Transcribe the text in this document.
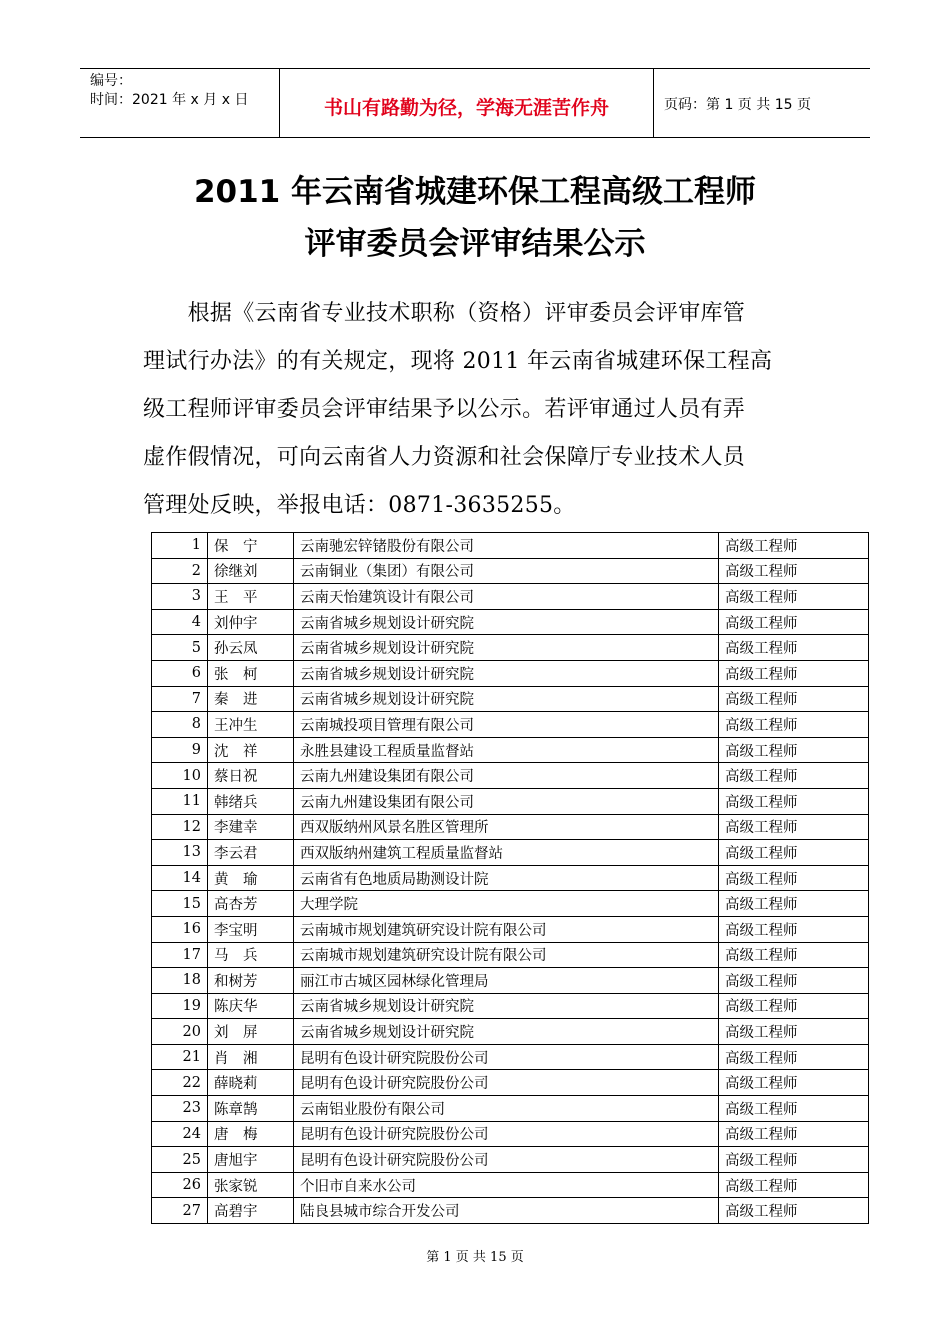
编号：
时间：2021 年 x 月 x 日	书山有路勤为径，学海无涯苦作舟	页码：第 1 页 共 15 页
2011 年云南省城建环保工程高级工程师
评审委员会评审结果公示

　　根据《云南省专业技术职称（资格）评审委员会评审库管

理试行办法》的有关规定，现将 2011 年云南省城建环保工程高

级工程师评审委员会评审结果予以公示。若评审通过人员有弄

虚作假情况，可向云南省人力资源和社会保障厅专业技术人员

管理处反映，举报电话：0871-3635255。

1	保　宁	云南驰宏锌锗股份有限公司	高级工程师
2	徐继刘	云南铜业（集团）有限公司	高级工程师
3	王　平	云南天怡建筑设计有限公司	高级工程师
4	刘仲宇	云南省城乡规划设计研究院	高级工程师
5	孙云凤	云南省城乡规划设计研究院	高级工程师
6	张　柯	云南省城乡规划设计研究院	高级工程师
7	秦　进	云南省城乡规划设计研究院	高级工程师
8	王冲生	云南城投项目管理有限公司	高级工程师
9	沈　祥	永胜县建设工程质量监督站	高级工程师
10	蔡日祝	云南九州建设集团有限公司	高级工程师
11	韩绪兵	云南九州建设集团有限公司	高级工程师
12	李建幸	西双版纳州风景名胜区管理所	高级工程师
13	李云君	西双版纳州建筑工程质量监督站	高级工程师
14	黄　瑜	云南省有色地质局勘测设计院	高级工程师
15	高杏芳	大理学院	高级工程师
16	李宝明	云南城市规划建筑研究设计院有限公司	高级工程师
17	马　兵	云南城市规划建筑研究设计院有限公司	高级工程师
18	和树芳	丽江市古城区园林绿化管理局	高级工程师
19	陈庆华	云南省城乡规划设计研究院	高级工程师
20	刘　屏	云南省城乡规划设计研究院	高级工程师
21	肖　湘	昆明有色设计研究院股份公司	高级工程师
22	薛晓莉	昆明有色设计研究院股份公司	高级工程师
23	陈章鹄	云南铝业股份有限公司	高级工程师
24	唐　梅	昆明有色设计研究院股份公司	高级工程师
25	唐旭宇	昆明有色设计研究院股份公司	高级工程师
26	张家锐	个旧市自来水公司	高级工程师
27	高碧宇	陆良县城市综合开发公司	高级工程师
第 1 页 共 15 页
